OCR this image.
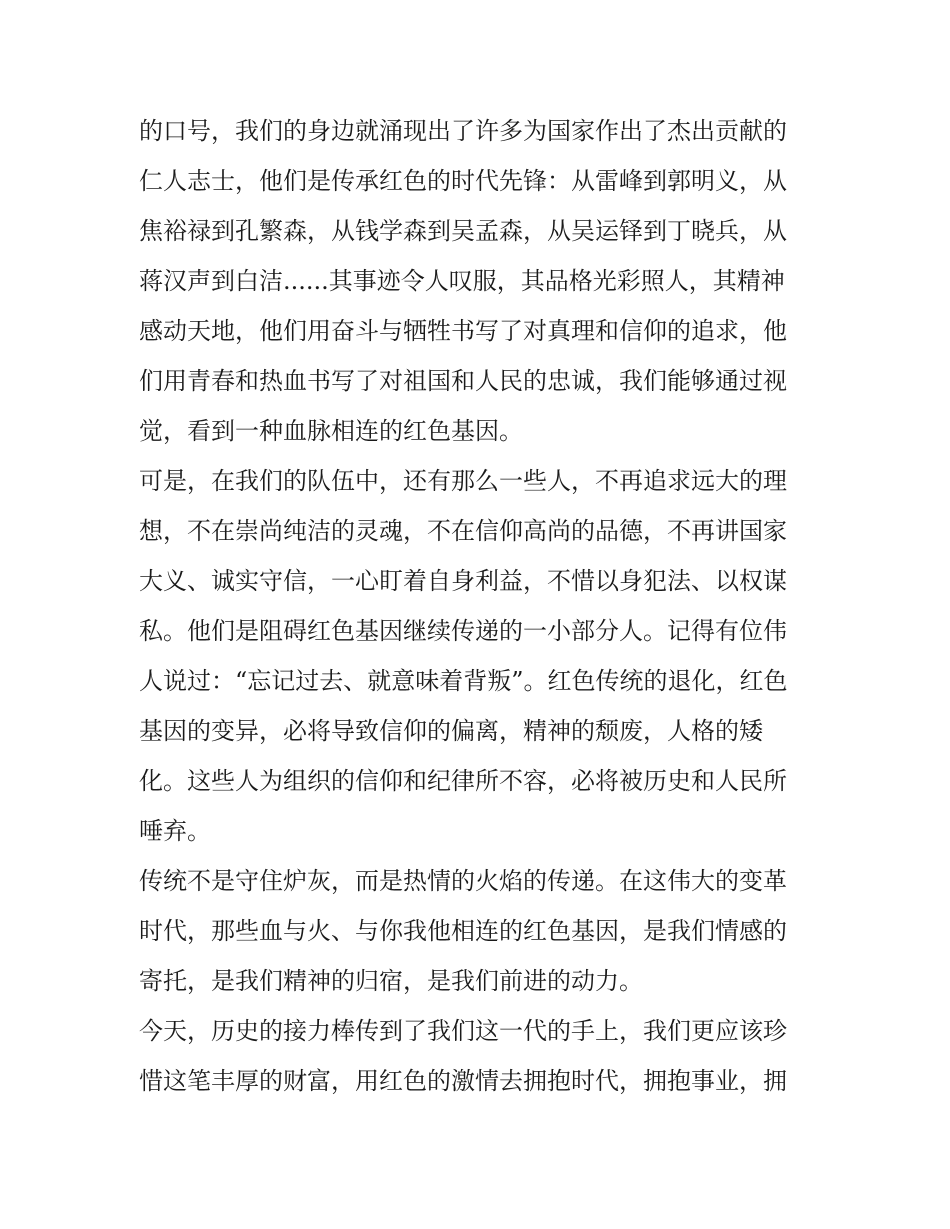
的口号，我们的身边就涌现出了许多为国家作出了杰出贡献的
仁人志士，他们是传承红色的时代先锋：从雷峰到郭明义，从
焦裕禄到孔繁森，从钱学森到吴孟森，从吴运铎到丁晓兵，从
蒋汉声到白洁......其事迹令人叹服，其品格光彩照人，其精神
感动天地，他们用奋斗与牺牲书写了对真理和信仰的追求，他
们用青春和热血书写了对祖国和人民的忠诚，我们能够通过视
觉，看到一种血脉相连的红色基因。
可是，在我们的队伍中，还有那么一些人，不再追求远大的理
想，不在崇尚纯洁的灵魂，不在信仰高尚的品德，不再讲国家
大义、诚实守信，一心盯着自身利益，不惜以身犯法、以权谋
私。他们是阻碍红色基因继续传递的一小部分人。记得有位伟
人说过：“忘记过去、就意味着背叛”。红色传统的退化，红色
基因的变异，必将导致信仰的偏离，精神的颓废，人格的矮
化。这些人为组织的信仰和纪律所不容，必将被历史和人民所
唾弃。
传统不是守住炉灰，而是热情的火焰的传递。在这伟大的变革
时代，那些血与火、与你我他相连的红色基因，是我们情感的
寄托，是我们精神的归宿，是我们前进的动力。
今天，历史的接力棒传到了我们这一代的手上，我们更应该珍
惜这笔丰厚的财富，用红色的激情去拥抱时代，拥抱事业，拥
